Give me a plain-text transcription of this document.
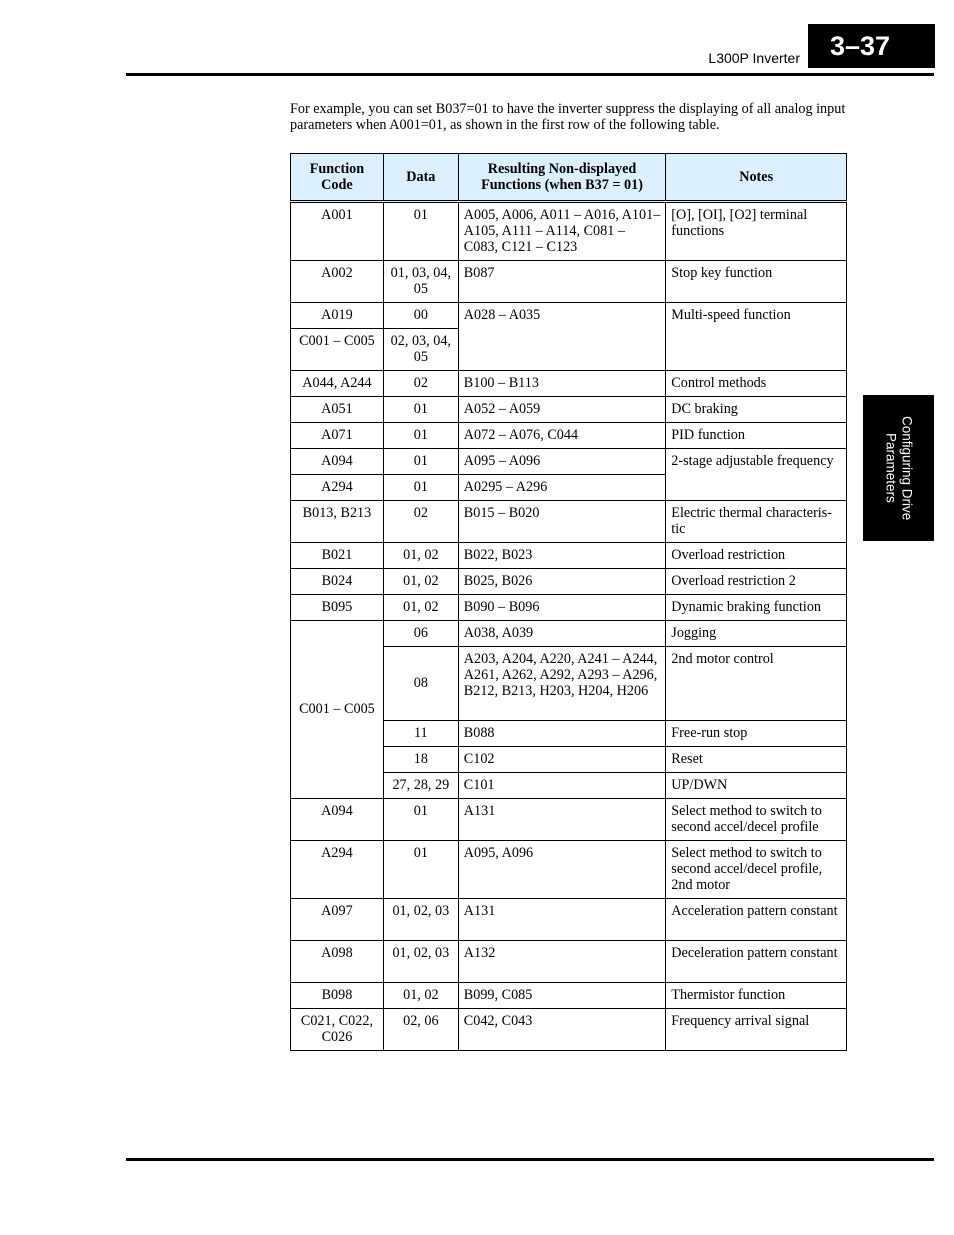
L300P Inverter	3–37
Configuring Drive
Parameters

For example, you can set B037=01 to have the inverter suppress the displaying of all analog input parameters when A001=01, as shown in the first row of the following table.

Function Code	Data	Resulting Non-displayed Functions (when B37 = 01)	Notes
A001	01	A005, A006, A011 – A016, A101–A105, A111 – A114, C081 – C083, C121 – C123	[O], [OI], [O2] terminal functions
A002	01, 03, 04, 05	B087	Stop key function
A019	00	A028 – A035	Multi-speed function
C001 – C005	02, 03, 04, 05		
A044, A244	02	B100 – B113	Control methods
A051	01	A052 – A059	DC braking
A071	01	A072 – A076, C044	PID function
A094	01	A095 – A096	2-stage adjustable frequency
A294	01	A0295 – A296	
B013, B213	02	B015 – B020	Electric thermal characteris-tic
B021	01, 02	B022, B023	Overload restriction
B024	01, 02	B025, B026	Overload restriction 2
B095	01, 02	B090 – B096	Dynamic braking function
C001 – C005	06	A038, A039	Jogging
	08	A203, A204, A220, A241 – A244, A261, A262, A292, A293 – A296, B212, B213, H203, H204, H206	2nd motor control
	11	B088	Free-run stop
	18	C102	Reset
	27, 28, 29	C101	UP/DWN
A094	01	A131	Select method to switch to second accel/decel profile
A294	01	A095, A096	Select method to switch to second accel/decel profile, 2nd motor
A097	01, 02, 03	A131	Acceleration pattern constant
A098	01, 02, 03	A132	Deceleration pattern constant
B098	01, 02	B099, C085	Thermistor function
C021, C022, C026	02, 06	C042, C043	Frequency arrival signal
